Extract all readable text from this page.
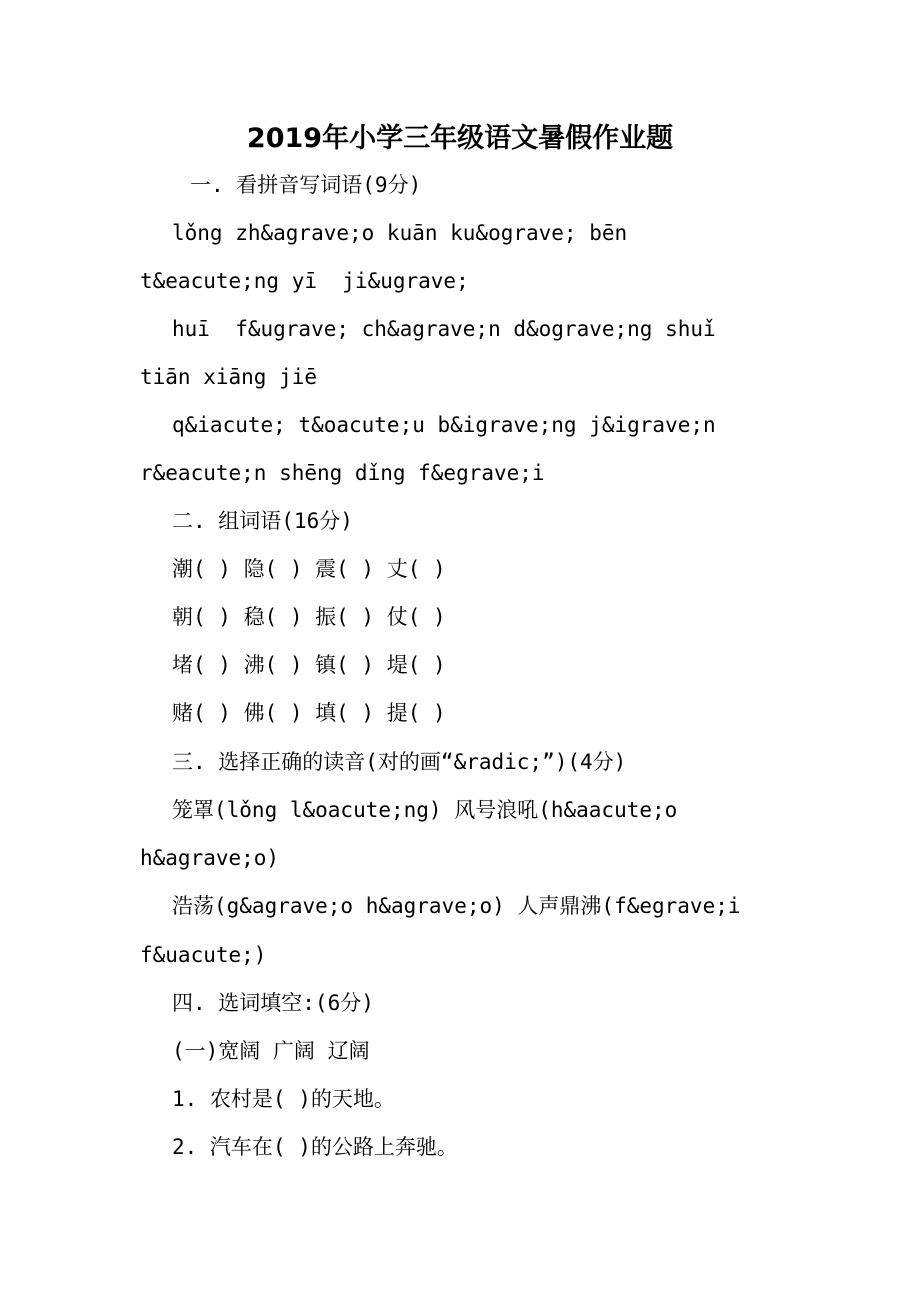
2019年小学三年级语文暑假作业题
一. 看拼音写词语(9分)
lǒng zh&agrave;o kuān ku&ograve; bēn
t&eacute;ng yī  ji&ugrave;
huī  f&ugrave; ch&agrave;n d&ograve;ng shuǐ
tiān xiāng jiē
q&iacute; t&oacute;u b&igrave;ng j&igrave;n
r&eacute;n shēng dǐng f&egrave;i
二. 组词语(16分)
潮( ) 隐( ) 震( ) 丈( )
朝( ) 稳( ) 振( ) 仗( )
堵( ) 沸( ) 镇( ) 堤( )
赌( ) 佛( ) 填( ) 提( )
三. 选择正确的读音(对的画“&radic;”)(4分)
笼罩(lǒng l&oacute;ng) 风号浪吼(h&aacute;o
h&agrave;o)
浩荡(g&agrave;o h&agrave;o) 人声鼎沸(f&egrave;i
f&uacute;)
四. 选词填空:(6分)
(一)宽阔 广阔 辽阔
1. 农村是( )的天地。
2. 汽车在( )的公路上奔驰。
